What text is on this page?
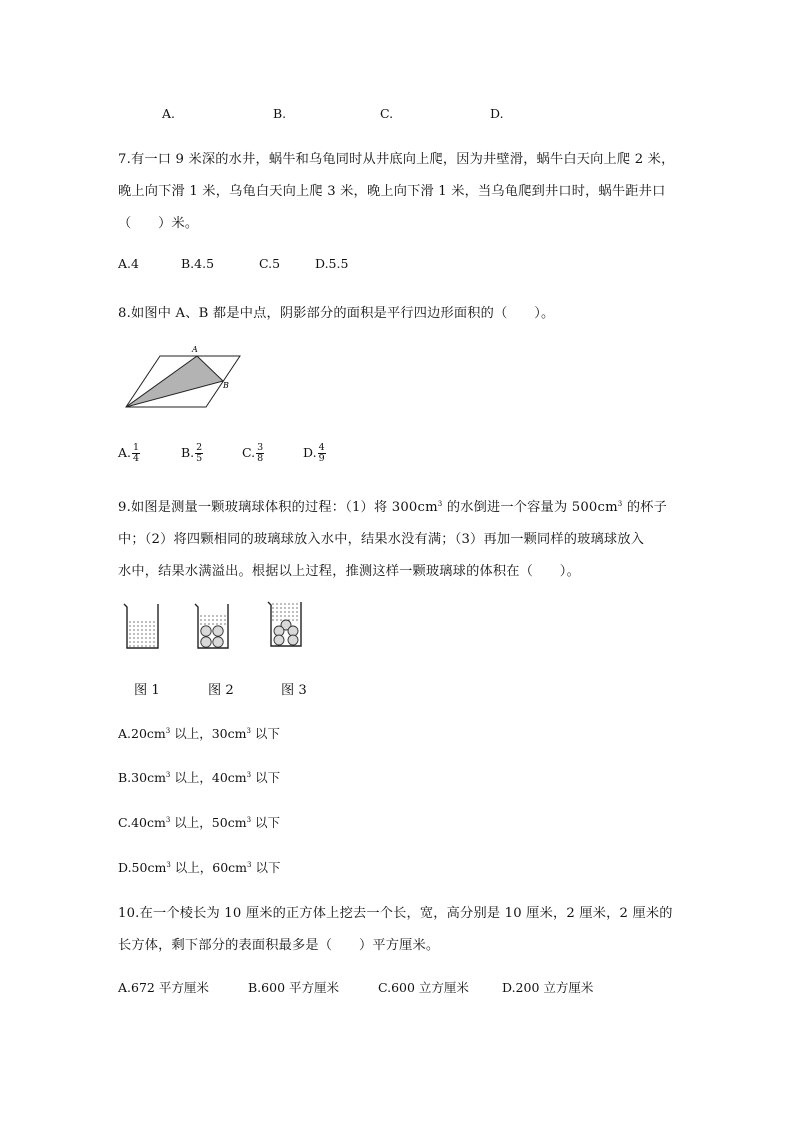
A.	B.	C.	D.
7.有一口 9 米深的水井，蜗牛和乌龟同时从井底向上爬，因为井壁滑，蜗牛白天向上爬 2 米，
晚上向下滑 1 米，乌龟白天向上爬 3 米，晚上向下滑 1 米，当乌龟爬到井口时，蜗牛距井口
（　　）米。
A.4	B.4.5	C.5	D.5.5
8.如图中 A、B 都是中点，阴影部分的面积是平行四边形面积的（　　）。
A
B
A. $\frac{1}{4}$	B. $\frac{2}{5}$	C. $\frac{3}{8}$	D. $\frac{4}{9}$
9.如图是测量一颗玻璃球体积的过程：（1）将 $300cm^3$ 的水倒进一个容量为 $500cm^3$ 的杯子
中；（2）将四颗相同的玻璃球放入水中，结果水没有满；（3）再加一颗同样的玻璃球放入
水中，结果水满溢出。根据以上过程，推测这样一颗玻璃球的体积在（　　）。
图 1	图 2	图 3
$A.20cm^3$ 以上，$30cm^3$ 以下
$B.30cm^3$ 以上，$40cm^3$ 以下
$C.40cm^3$ 以上，$50cm^3$ 以下
$D.50cm^3$ 以上，$60cm^3$ 以下
10.在一个棱长为 10 厘米的正方体上挖去一个长，宽，高分别是 10 厘米，2 厘米，2 厘米的
长方体，剩下部分的表面积最多是（　　）平方厘米。
A.672 平方厘米	B.600 平方厘米	C.600 立方厘米	D.200 立方厘米
